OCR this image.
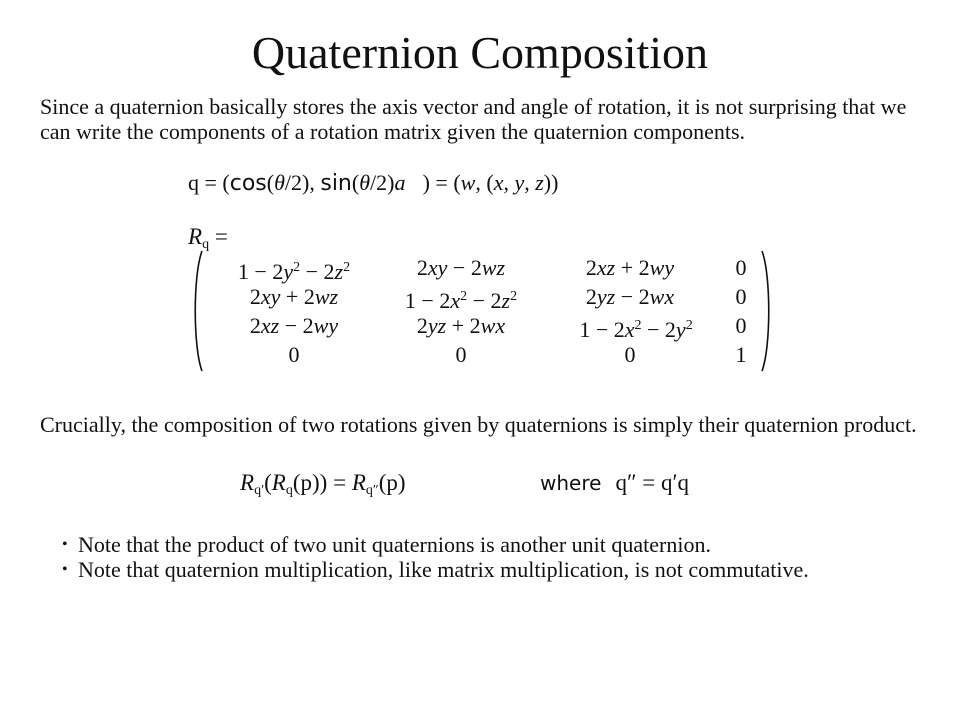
Quaternion Composition
Since a quaternion basically stores the axis vector and angle of rotation, it is not surprising that we can write the components of a rotation matrix given the quaternion components.
q = (cos(θ/2), sin(θ/2)a⃗) = (w, (x, y, z))
$R_q$ =
$1 - 2y^2 - 2z^2$	2xy − 2wz	2xz + 2wy	0
2xy + 2wz	$1 - 2x^2 - 2z^2$	2yz − 2wx	0
2xz − 2wy	2yz + 2wx	$1 - 2x^2 - 2y^2$	0
0	0	0	1
Crucially, the composition of two rotations given by quaternions is simply their quaternion product.
$R_{q'}(R_q(p)) = R_{q''}(p)$	where q″ = q′q
• Note that the product of two unit quaternions is another unit quaternion.
• Note that quaternion multiplication, like matrix multiplication, is not commutative.
